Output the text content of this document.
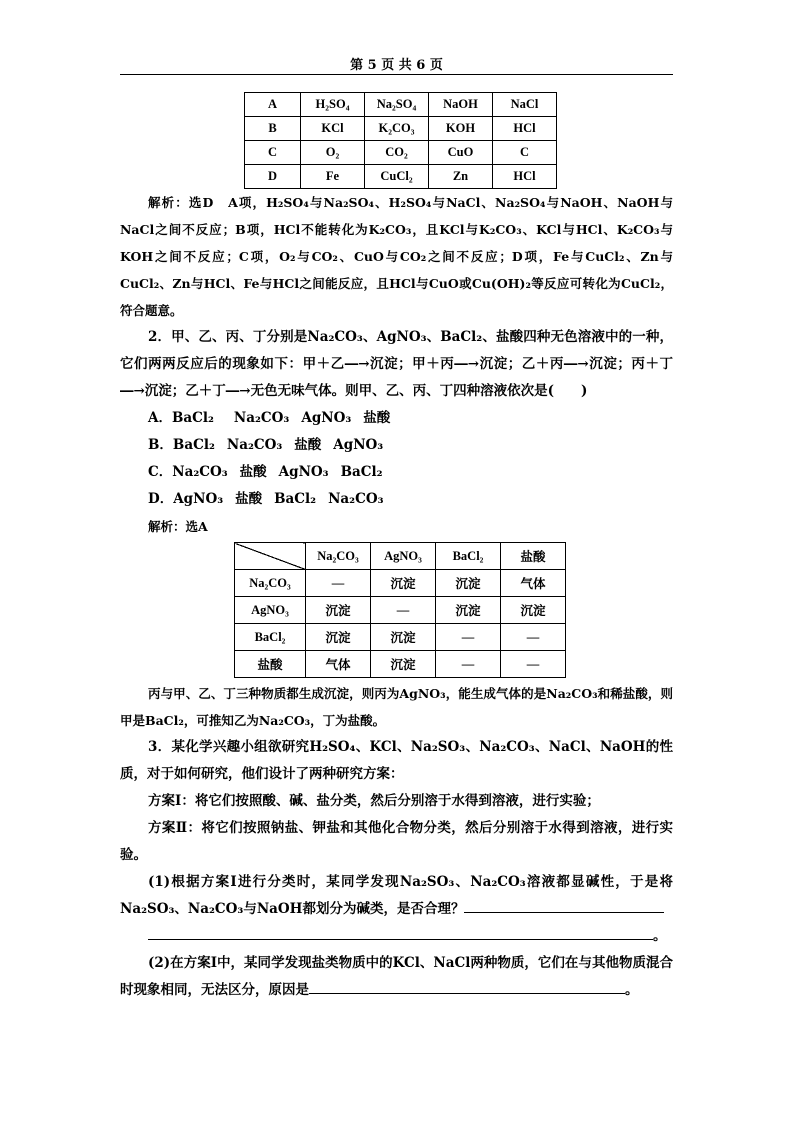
第 5 页 共 6 页
A	H₂SO₄	Na₂SO₄	NaOH	NaCl
B	KCl	K₂CO₃	KOH	HCl
C	O₂	CO₂	CuO	C
D	Fe	CuCl₂	Zn	HCl

解析：选D　A项，H₂SO₄与Na₂SO₄、H₂SO₄与NaCl、Na₂SO₄与NaOH、NaOH与NaCl之间不反应；B项，HCl不能转化为K₂CO₃，且KCl与K₂CO₃、KCl与HCl、K₂CO₃与KOH之间不反应；C项，O₂与CO₂、CuO与CO₂之间不反应；D项，Fe与CuCl₂、Zn与CuCl₂、Zn与HCl、Fe与HCl之间能反应，且HCl与CuO或Cu(OH)₂等反应可转化为CuCl₂，符合题意。

2．甲、乙、丙、丁分别是Na₂CO₃、AgNO₃、BaCl₂、盐酸四种无色溶液中的一种，它们两两反应后的现象如下：甲＋乙―→沉淀；甲＋丙―→沉淀；乙＋丙―→沉淀；丙＋丁―→沉淀；乙＋丁―→无色无味气体。则甲、乙、丙、丁四种溶液依次是(　　)

A．BaCl₂ Na₂CO₃ AgNO₃ 盐酸

B．BaCl₂ Na₂CO₃ 盐酸 AgNO₃

C．Na₂CO₃ 盐酸 AgNO₃ BaCl₂

D．AgNO₃ 盐酸 BaCl₂ Na₂CO₃

解析：选A

	Na₂CO₃	AgNO₃	BaCl₂	盐酸
Na₂CO₃	—	沉淀	沉淀	气体
AgNO₃	沉淀	—	沉淀	沉淀
BaCl₂	沉淀	沉淀	—	—
盐酸	气体	沉淀	—	—

丙与甲、乙、丁三种物质都生成沉淀，则丙为AgNO₃，能生成气体的是Na₂CO₃和稀盐酸，则甲是BaCl₂，可推知乙为Na₂CO₃，丁为盐酸。

3．某化学兴趣小组欲研究H₂SO₄、KCl、Na₂SO₃、Na₂CO₃、NaCl、NaOH的性质，对于如何研究，他们设计了两种研究方案：

方案Ⅰ：将它们按照酸、碱、盐分类，然后分别溶于水得到溶液，进行实验；

方案Ⅱ：将它们按照钠盐、钾盐和其他化合物分类，然后分别溶于水得到溶液，进行实验。

(1)根据方案Ⅰ进行分类时，某同学发现Na₂SO₃、Na₂CO₃溶液都显碱性，于是将Na₂SO₃、Na₂CO₃与NaOH都划分为碱类，是否合理？

。

(2)在方案Ⅰ中，某同学发现盐类物质中的KCl、NaCl两种物质，它们在与其他物质混合时现象相同，无法区分，原因是	。
